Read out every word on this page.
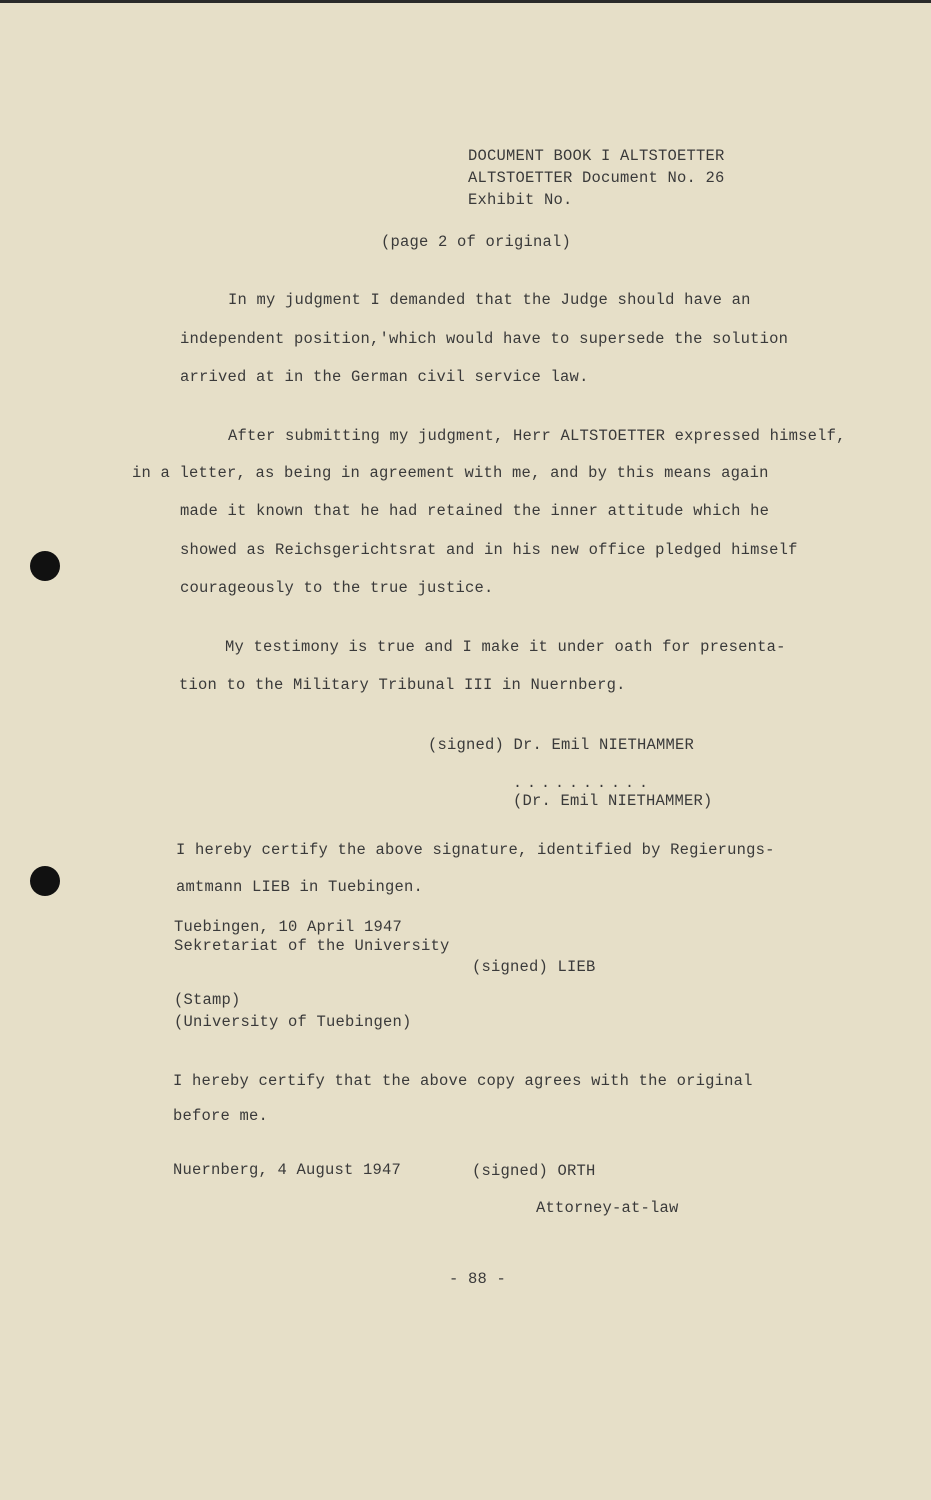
DOCUMENT BOOK I ALTSTOETTER
ALTSTOETTER Document No. 26
Exhibit No.
(page 2 of original)
In my judgment I demanded that the Judge should have an
independent position,'which would have to supersede the solution
arrived at in the German civil service law.
After submitting my judgment, Herr ALTSTOETTER expressed himself,
in a letter, as being in agreement with me, and by this means again
made it known that he had retained the inner attitude which he
showed as Reichsgerichtsrat and in his new office pledged himself
courageously to the true justice.
My testimony is true and I make it under oath for presenta-
tion to the Military Tribunal III in Nuernberg.
(signed) Dr. Emil NIETHAMMER
..........
(Dr. Emil NIETHAMMER)
I hereby certify the above signature, identified by Regierungs-
amtmann LIEB in Tuebingen.
Tuebingen, 10 April 1947
Sekretariat of the University
(signed) LIEB
(Stamp)
(University of Tuebingen)
I hereby certify that the above copy agrees with the original
before me.
Nuernberg, 4 August 1947	(signed) ORTH
Attorney-at-law
- 88 -
